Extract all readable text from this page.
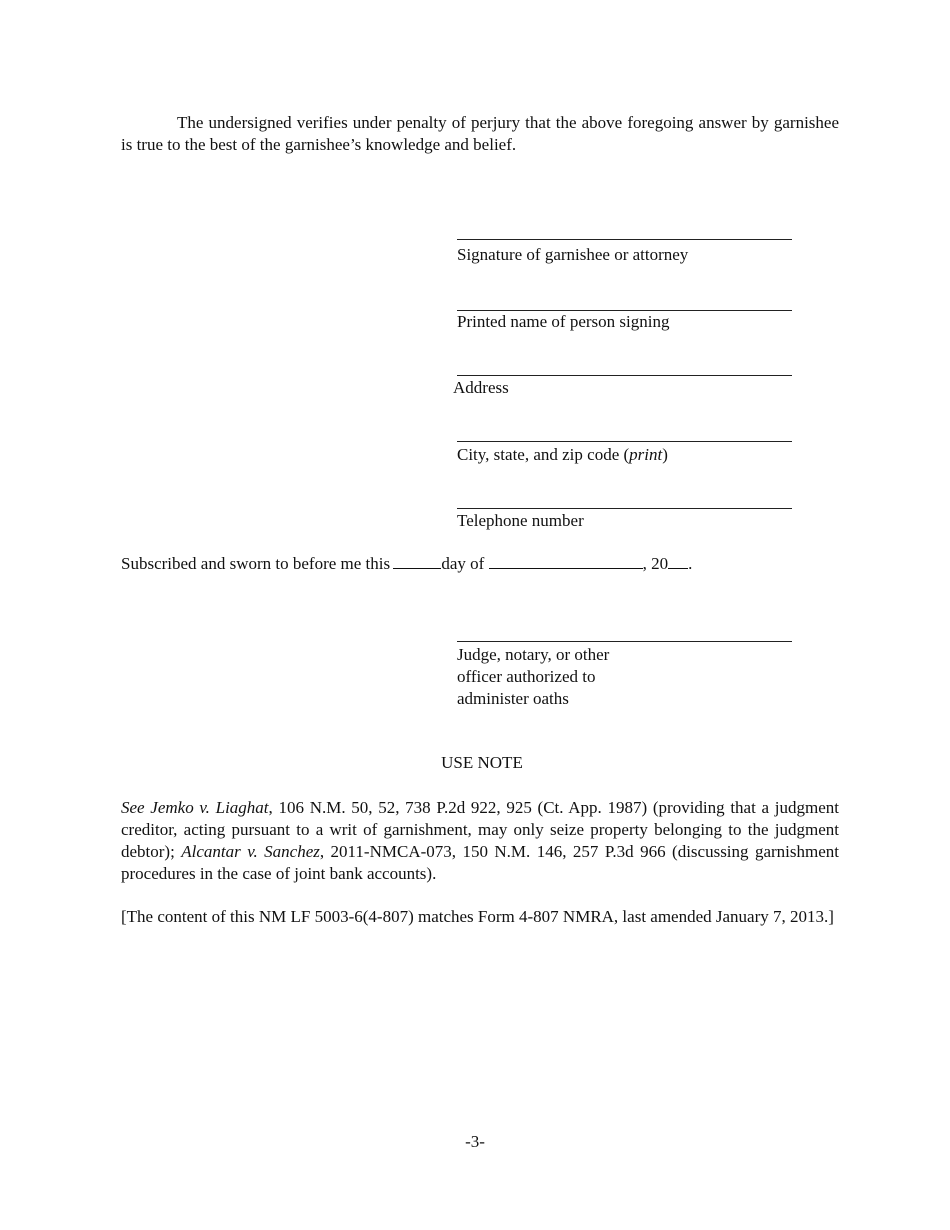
The undersigned verifies under penalty of perjury that the above foregoing answer by garnishee is true to the best of the garnishee’s knowledge and belief.

Signature of garnishee or attorney
Printed name of person signing
Address
City, state, and zip code (print)
Telephone number
Subscribed and sworn to before me this	day of	, 20 .
Judge, notary, or other
officer authorized to
administer oaths
USE NOTE

See Jemko v. Liaghat, 106 N.M. 50, 52, 738 P.2d 922, 925 (Ct. App. 1987) (providing that a judgment creditor, acting pursuant to a writ of garnishment, may only seize property belonging to the judgment debtor); Alcantar v. Sanchez, 2011-NMCA-073, 150 N.M. 146, 257 P.3d 966 (discussing garnishment procedures in the case of joint bank accounts).

[The content of this NM LF 5003-6(4-807) matches Form 4-807 NMRA, last amended January 7, 2013.]

-3-
